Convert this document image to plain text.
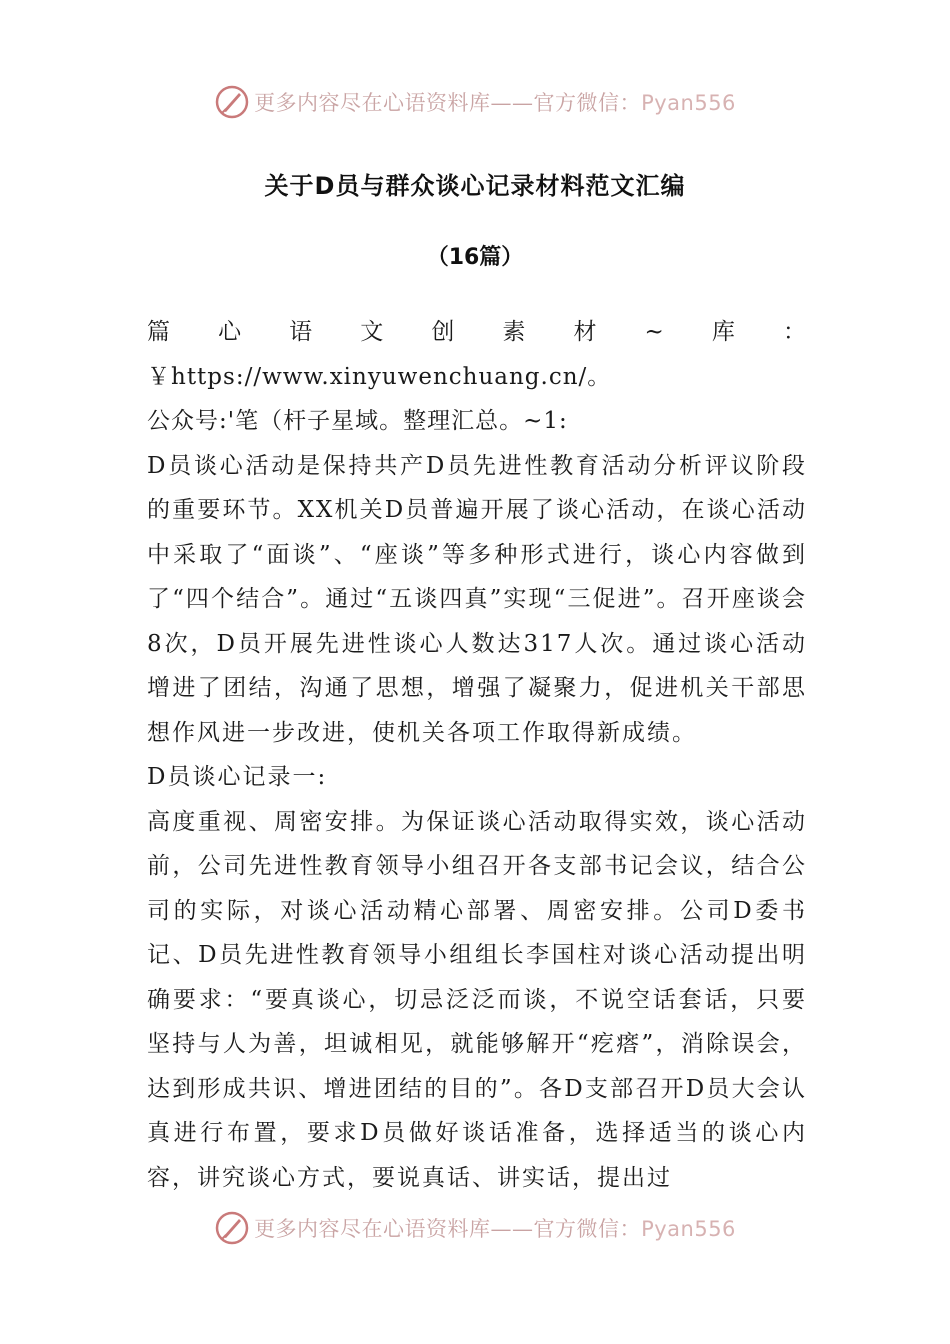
更多内容尽在心语资料库——官方微信：Pyan556
关于D员与群众谈心记录材料范文汇编
（16篇）

篇心语文创素材~库：￥https://www.xinyuwenchuang.cn/。

公众号:'笔（杆子星域。整理汇总。~1:

D员谈心活动是保持共产D员先进性教育活动分析评议阶段的重要环节。XX机关D员普遍开展了谈心活动，在谈心活动中采取了“面谈”、“座谈”等多种形式进行，谈心内容做到了“四个结合”。通过“五谈四真”实现“三促进”。召开座谈会8次，D员开展先进性谈心人数达317人次。通过谈心活动增进了团结，沟通了思想，增强了凝聚力，促进机关干部思想作风进一步改进，使机关各项工作取得新成绩。

D员谈心记录一:

高度重视、周密安排。为保证谈心活动取得实效，谈心活动前，公司先进性教育领导小组召开各支部书记会议，结合公司的实际，对谈心活动精心部署、周密安排。公司D委书记、D员先进性教育领导小组组长李国柱对谈心活动提出明确要求：“要真谈心，切忌泛泛而谈，不说空话套话，只要坚持与人为善，坦诚相见，就能够解开“疙瘩”，消除误会，达到形成共识、增进团结的目的”。各D支部召开D员大会认真进行布置，要求D员做好谈话准备，选择适当的谈心内容，讲究谈心方式，要说真话、讲实话，提出过

更多内容尽在心语资料库——官方微信：Pyan556
